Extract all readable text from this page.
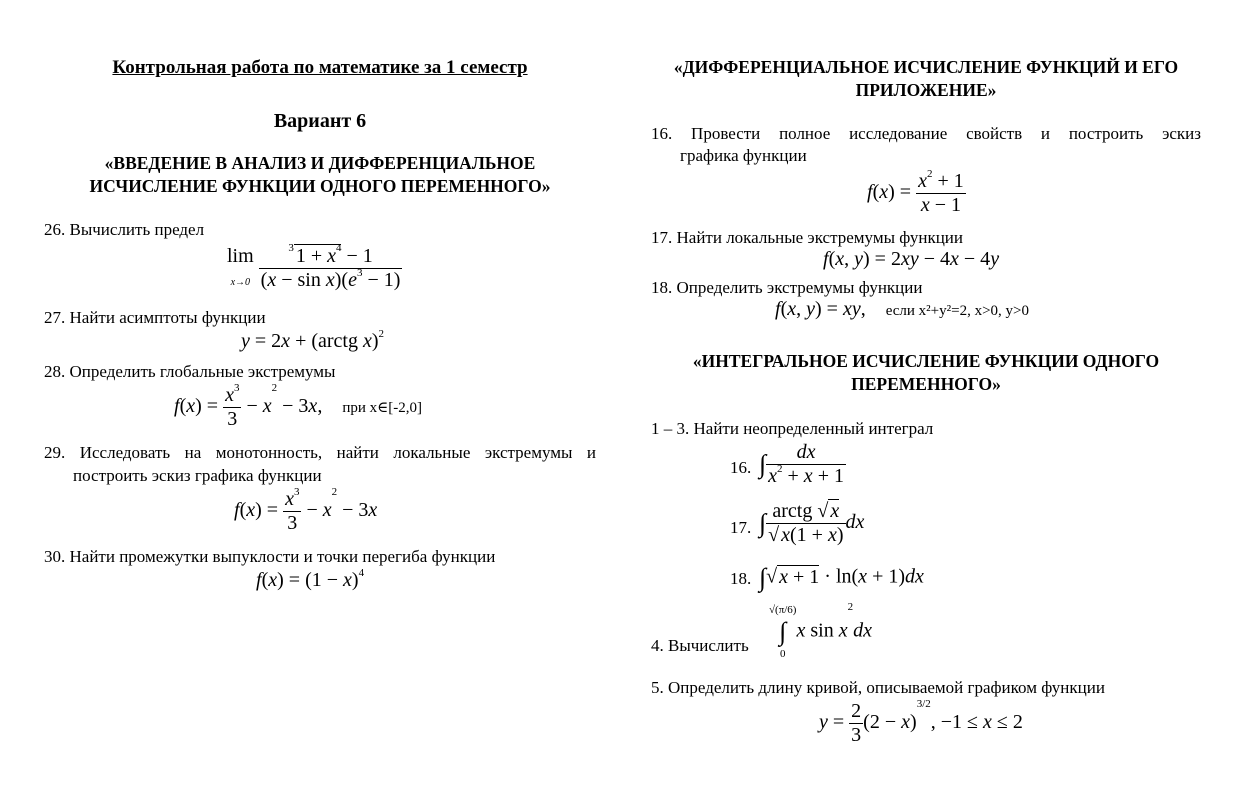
Контрольная работа по математике за 1 семестр
Вариант 6
«ВВЕДЕНИЕ В АНАЛИЗ И ДИФФЕРЕНЦИАЛЬНОЕ ИСЧИСЛЕНИЕ ФУНКЦИИ ОДНОГО ПЕРЕМЕННОГО»
26. Вычислить предел
lim
$x\to 0 \frac{^3 1 + x^4 - 1}{(x - \sin x)(e^3 - 1)}$
27. Найти асимптоты функции
y = 2x + (arctg x)$^2$
28. Определить глобальные экстремумы
$f(x) = \frac{x^3}{3} - x^2 - 3x$,    при x∈[-2,0]
29. Исследовать на монотонность, найти локальные экстремумы и
построить эскиз графика функции
$f(x) = \frac{x^3}{3} - x^2 - 3x$
30. Найти промежутки выпуклости и точки перегиба функции
$f(x) = (1 - x)^4$
«ДИФФЕРЕНЦИАЛЬНОЕ ИСЧИСЛЕНИЕ ФУНКЦИЙ И ЕГО ПРИЛОЖЕНИЕ»
16. Провести полное исследование свойств и построить эскиз
графика функции
$f(x) = \frac{x^2 + 1}{x - 1}$
17. Найти локальные экстремумы функции
f(x, y) = 2xy − 4x − 4y
18. Определить экстремумы функции
f(x, y) = xy,    если x²+y²=2, x>0, y>0
«ИНТЕГРАЛЬНОЕ ИСЧИСЛЕНИЕ ФУНКЦИИ ОДНОГО ПЕРЕМЕННОГО»
1 – 3. Найти неопределенный интеграл
16. ∫ $\frac{dx}{x^2 + x + 1}$
17. ∫ $\frac{\text{arctg √ x}}{√ x(1 + x)}$ dx
18. ∫√ x + 1 · ln(x + 1)dx
4. Вычислить
√(π/6)
∫
0
x $\sin x^2dx$
5. Определить длину кривой, описываемой графиком функции
$y = \frac{2}{3} (2 - x)^{3/2}$, −1 ≤ x ≤ 2
